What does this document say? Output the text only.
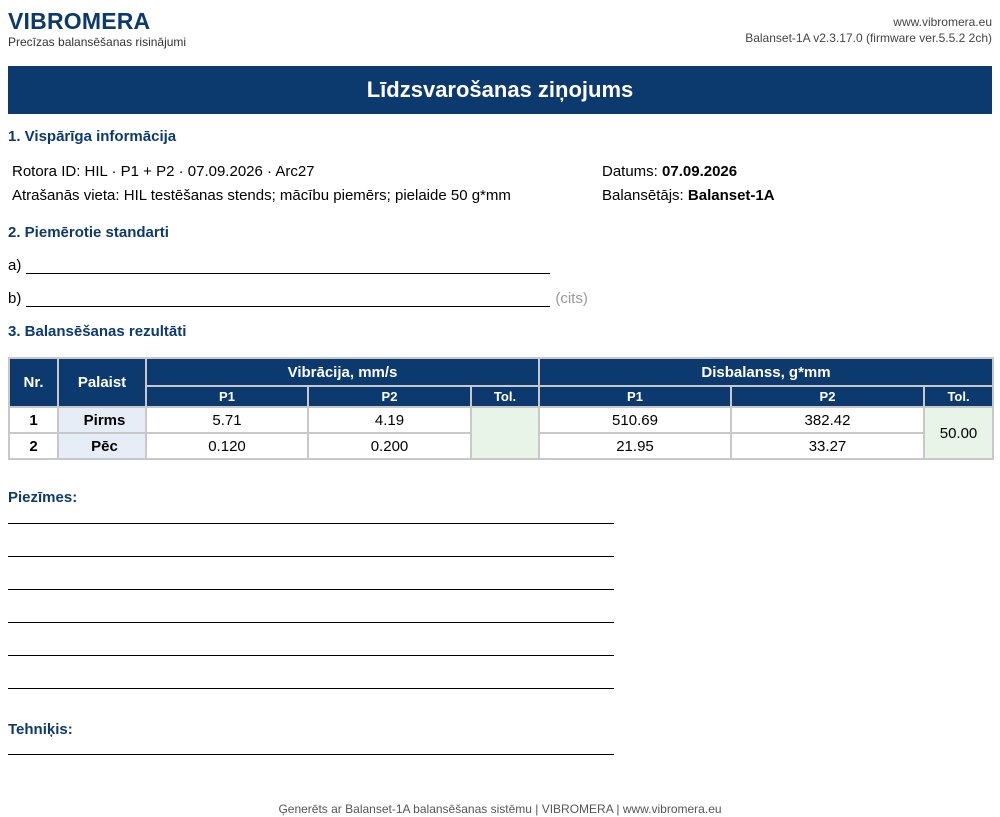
VIBROMERA
Precīzas balansēšanas risinājumi
www.vibromera.eu
Balanset-1A v2.3.17.0 (firmware ver.5.5.2 2ch)
Līdzsvarošanas ziņojums
1. Vispārīga informācija
Rotora ID: HIL · P1 + P2 · 07.09.2026 · Arc27
Atrašanās vieta: HIL testēšanas stends; mācību piemērs; pielaide 50 g*mm
Datums: 07.09.2026
Balansētājs: Balanset-1A
2. Piemērotie standarti
a)
b)	(cits)
3. Balansēšanas rezultāti
Nr.	Palaist	Vibrācija, mm/s			Disbalanss, g*mm		
		P1	P2	Tol.	P1	P2	Tol.
1	Pirms	5.71	4.19		510.69	382.42	50.00
2	Pēc	0.120	0.200		21.95	33.27	
Piezīmes:
Tehniķis:
Ģenerēts ar Balanset-1A balansēšanas sistēmu | VIBROMERA | www.vibromera.eu
